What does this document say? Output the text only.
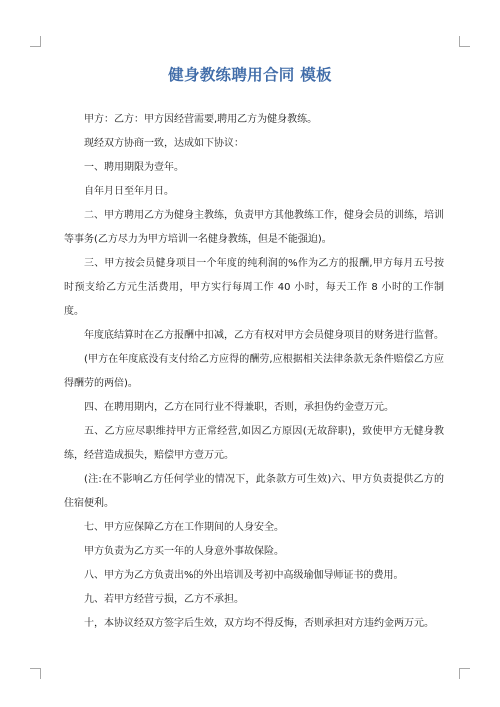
健身教练聘用合同 模板

甲方：乙方：甲方因经营需要,聘用乙方为健身教练。

现经双方协商一致，达成如下协议：

一、聘用期限为壹年。

自年月日至年月日。

二、甲方聘用乙方为健身主教练，负责甲方其他教练工作，健身会员的训练，培训等事务(乙方尽力为甲方培训一名健身教练，但是不能强迫)。

三、甲方按会员健身项目一个年度的纯利润的%作为乙方的报酬,甲方每月五号按时预支给乙方元生活费用，甲方实行每周工作 40 小时，每天工作 8 小时的工作制度。

年度底结算时在乙方报酬中扣减，乙方有权对甲方会员健身项目的财务进行监督。

(甲方在年度底没有支付给乙方应得的酬劳,应根据相关法律条款无条件赔偿乙方应得酬劳的两倍)。

四、在聘用期内，乙方在同行业不得兼职，否则，承担伪约金壹万元。

五、乙方应尽职维持甲方正常经营,如因乙方原因(无故辞职)，致使甲方无健身教练，经营造成损失，赔偿甲方壹万元。

(注:在不影响乙方任何学业的情况下，此条款方可生效)六、甲方负责提供乙方的住宿便利。

七、甲方应保障乙方在工作期间的人身安全。

甲方负责为乙方买一年的人身意外事故保险。

八、甲方为乙方负责出%的外出培训及考初中高级瑜伽导师证书的费用。

九、若甲方经营亏损，乙方不承担。

十，本协议经双方签字后生效，双方均不得反悔，否则承担对方违约金两万元。
